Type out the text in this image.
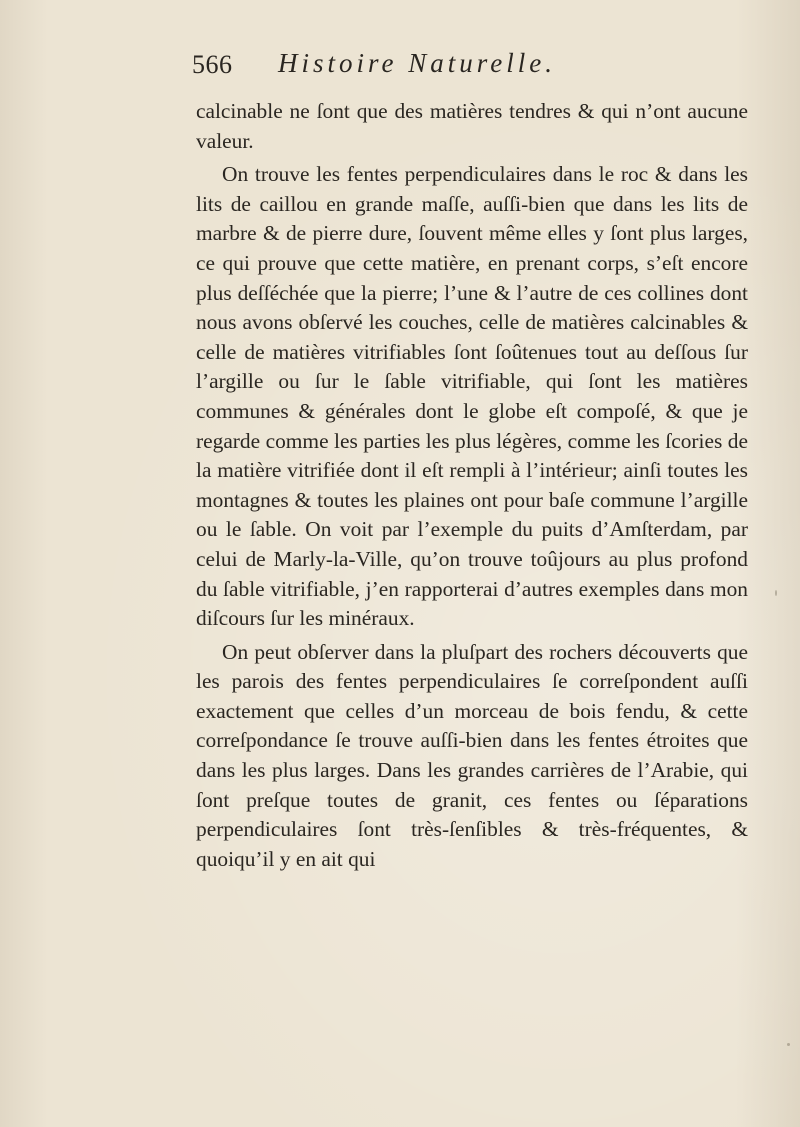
566 Histoire Naturelle.

calcinable ne ſont que des matières tendres & qui n’ont aucune valeur.

On trouve les fentes perpendiculaires dans le roc & dans les lits de caillou en grande maſſe, auſſi-bien que dans les lits de marbre & de pierre dure, ſouvent même elles y ſont plus larges, ce qui prouve que cette matière, en prenant corps, s’eſt encore plus deſſéchée que la pierre; l’une & l’autre de ces collines dont nous avons obſervé les couches, celle de matières calcinables & celle de matières vitrifiables ſont ſoûtenues tout au deſſous ſur l’argille ou ſur le ſable vitrifiable, qui ſont les matières communes & générales dont le globe eſt compoſé, & que je regarde comme les parties les plus légères, comme les ſcories de la matière vitrifiée dont il eſt rempli à l’intérieur; ainſi toutes les montagnes & toutes les plaines ont pour baſe commune l’argille ou le ſable. On voit par l’exemple du puits d’Amſterdam, par celui de Marly-la-Ville, qu’on trouve toûjours au plus profond du ſable vitrifiable, j’en rapporterai d’autres exemples dans mon diſcours ſur les minéraux.

On peut obſerver dans la pluſpart des rochers découverts que les parois des fentes perpendiculaires ſe correſpondent auſſi exactement que celles d’un morceau de bois fendu, & cette correſpondance ſe trouve auſſi-bien dans les fentes étroites que dans les plus larges. Dans les grandes carrières de l’Arabie, qui ſont preſque toutes de granit, ces fentes ou ſéparations perpendiculaires ſont très-ſenſibles & très-fréquentes, & quoiqu’il y en ait qui
